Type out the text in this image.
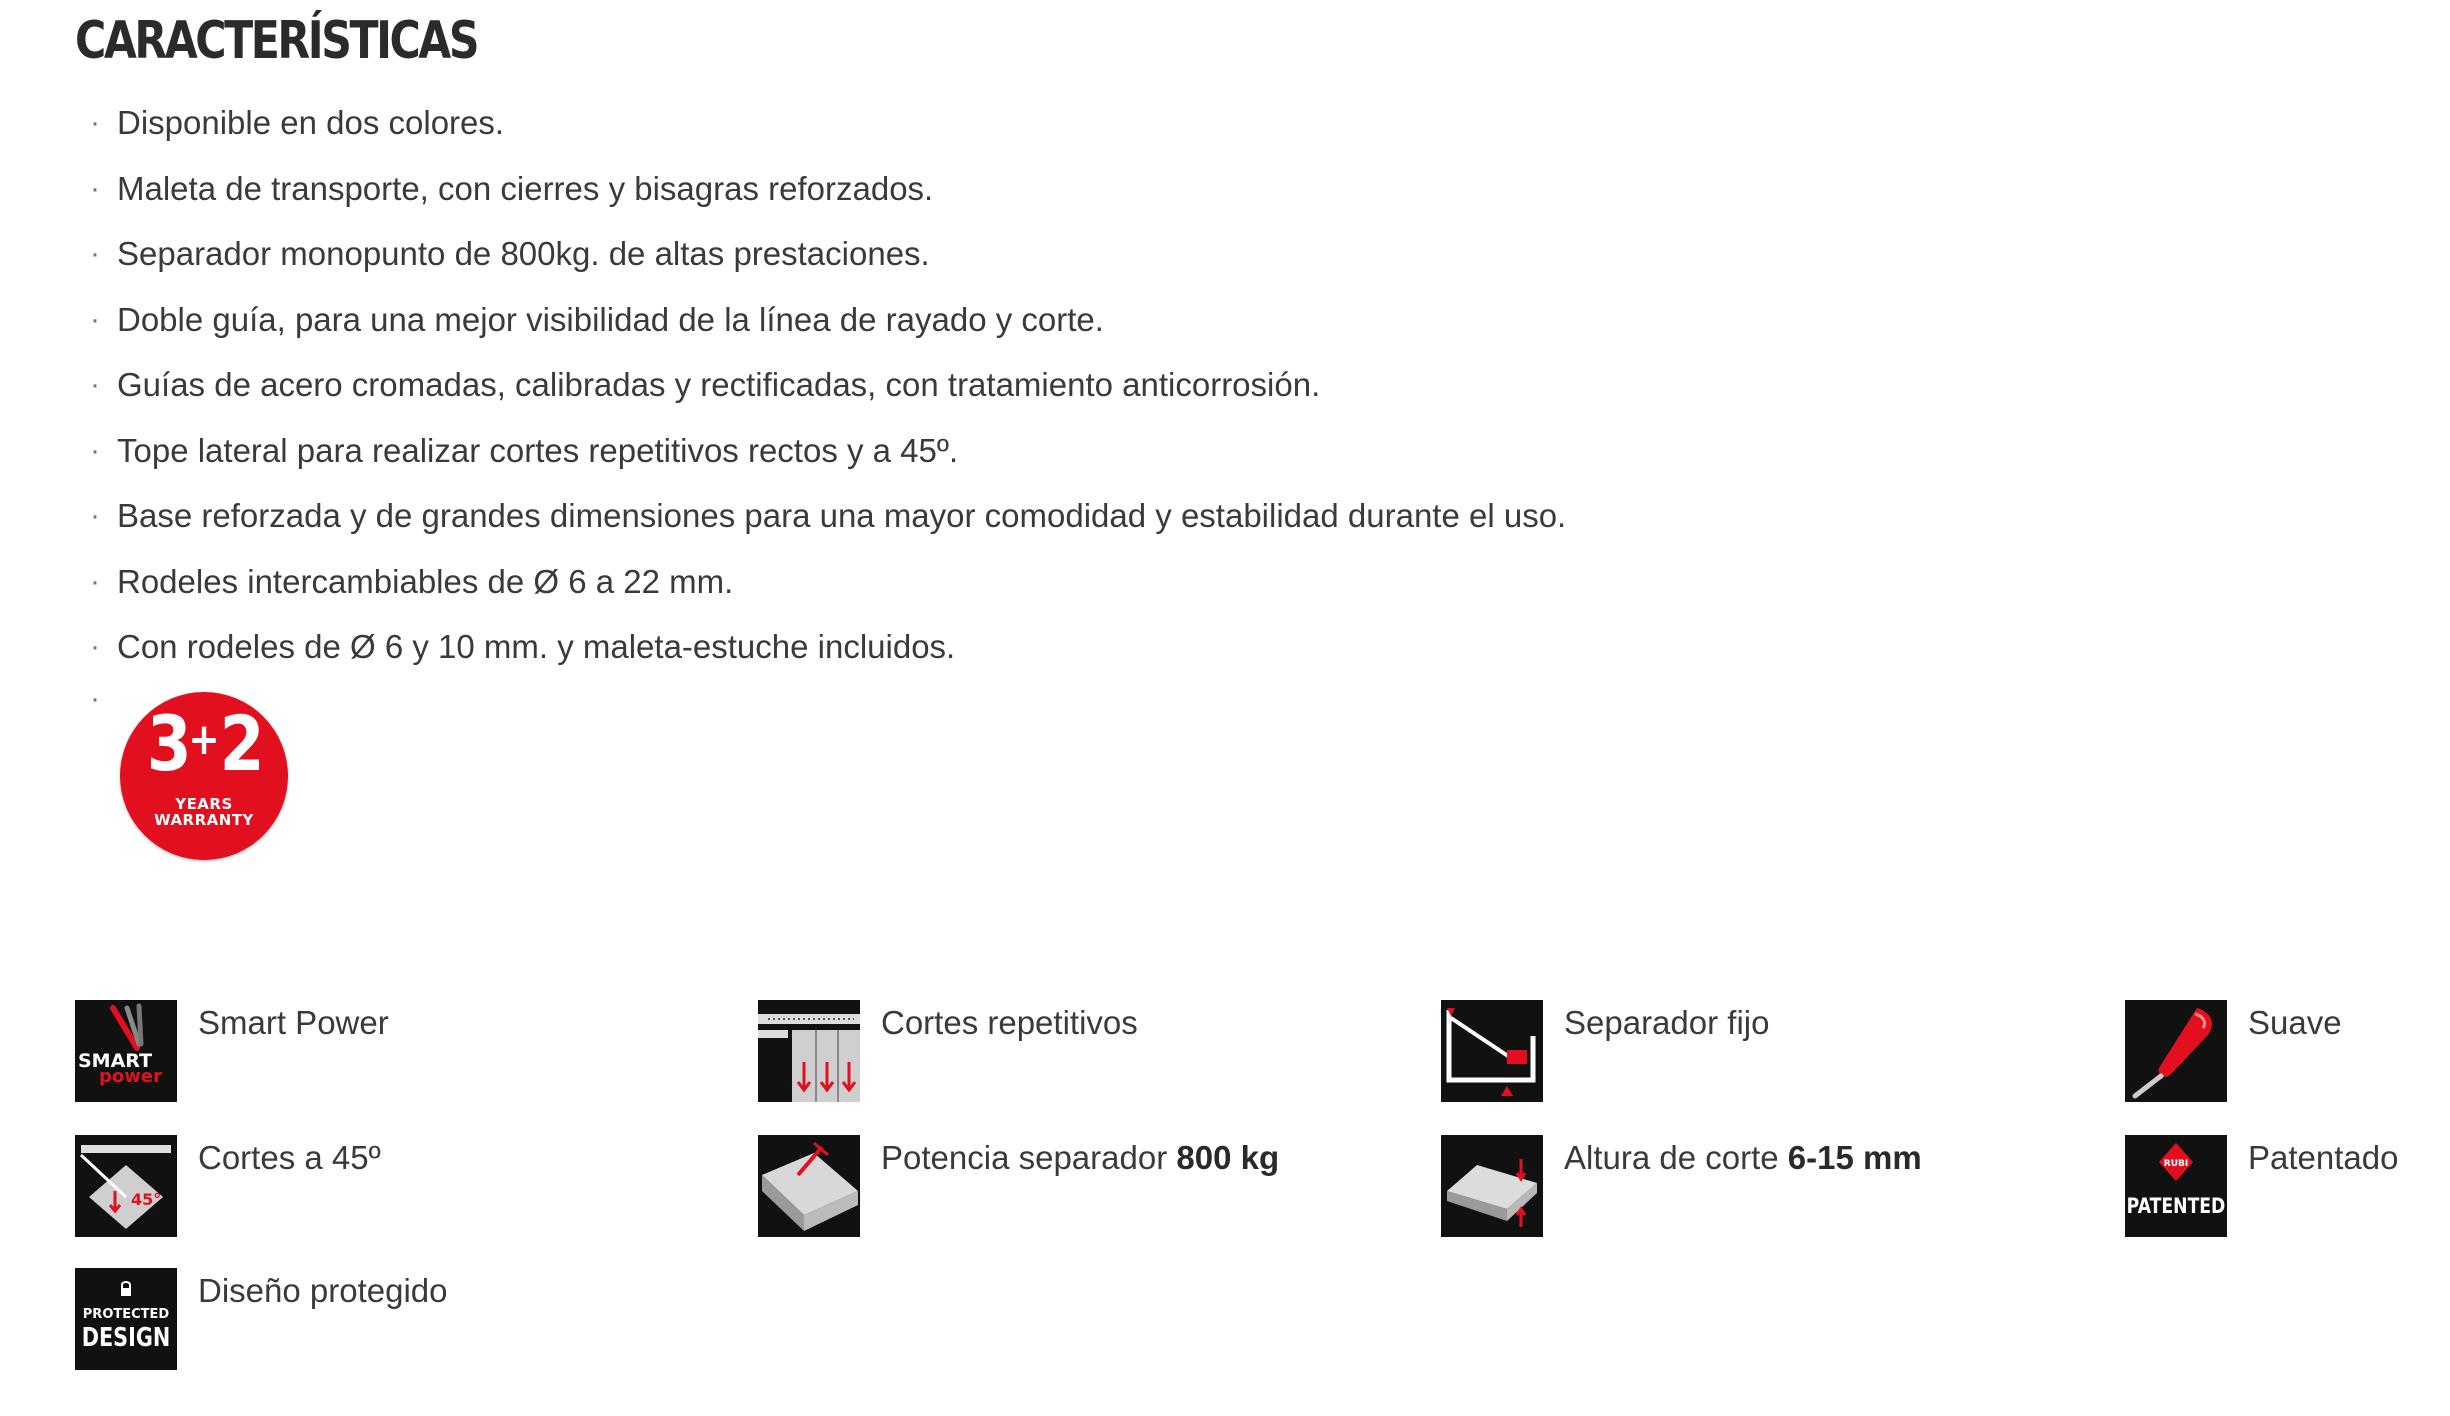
CARACTERÍSTICAS
· Disponible en dos colores.
· Maleta de transporte, con cierres y bisagras reforzados.
· Separador monopunto de 800kg. de altas prestaciones.
· Doble guía, para una mejor visibilidad de la línea de rayado y corte.
· Guías de acero cromadas, calibradas y rectificadas, con tratamiento anticorrosión.
· Tope lateral para realizar cortes repetitivos rectos y a 45º.
· Base reforzada y de grandes dimensiones para una mayor comodidad y estabilidad durante el uso.
· Rodeles intercambiables de Ø 6 a 22 mm.
· Con rodeles de Ø 6 y 10 mm. y maleta-estuche incluidos.
·
3+2
YEARS
WARRANTY
SMART
power
Smart Power	Cortes repetitivos	Separador fijo	Suave
45°
Cortes a 45º	Potencia separador 800 kg	Altura de corte 6-15 mm	RUBI
PATENTED
Patentado
PROTECTED
DESIGN
Diseño protegido
